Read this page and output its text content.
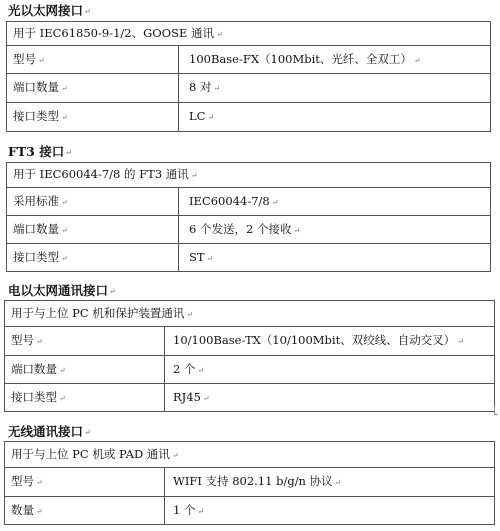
光以太网接口↵
用于 IEC61850-9-1/2、GOOSE 通讯 ↵	
型号 ↵	100Base-FX（100Mbit、光纤、全双工） ↵
端口数量 ↵	8 对 ↵
接口类型 ↵	LC ↵
FT3 接口↵
用于 IEC60044-7/8 的 FT3 通讯 ↵	
采用标准 ↵	IEC60044-7/8 ↵
端口数量 ↵	6 个发送，2 个接收 ↵
接口类型 ↵	ST ↵
电以太网通讯接口↵
用于与上位 PC 机和保护装置通讯 ↵	
型号 ↵	10/100Base-TX（10/100Mbit、双绞线、自动交叉） ↵
端口数量 ↵	2 个 ↵
接口类型 ↵	RJ45 ↵
无线通讯接口↵
用于与上位 PC 机或 PAD 通讯 ↵	
型号 ↵	WIFI 支持 802.11 b/g/n 协议 ↵
数量 ↵	1 个 ↵
